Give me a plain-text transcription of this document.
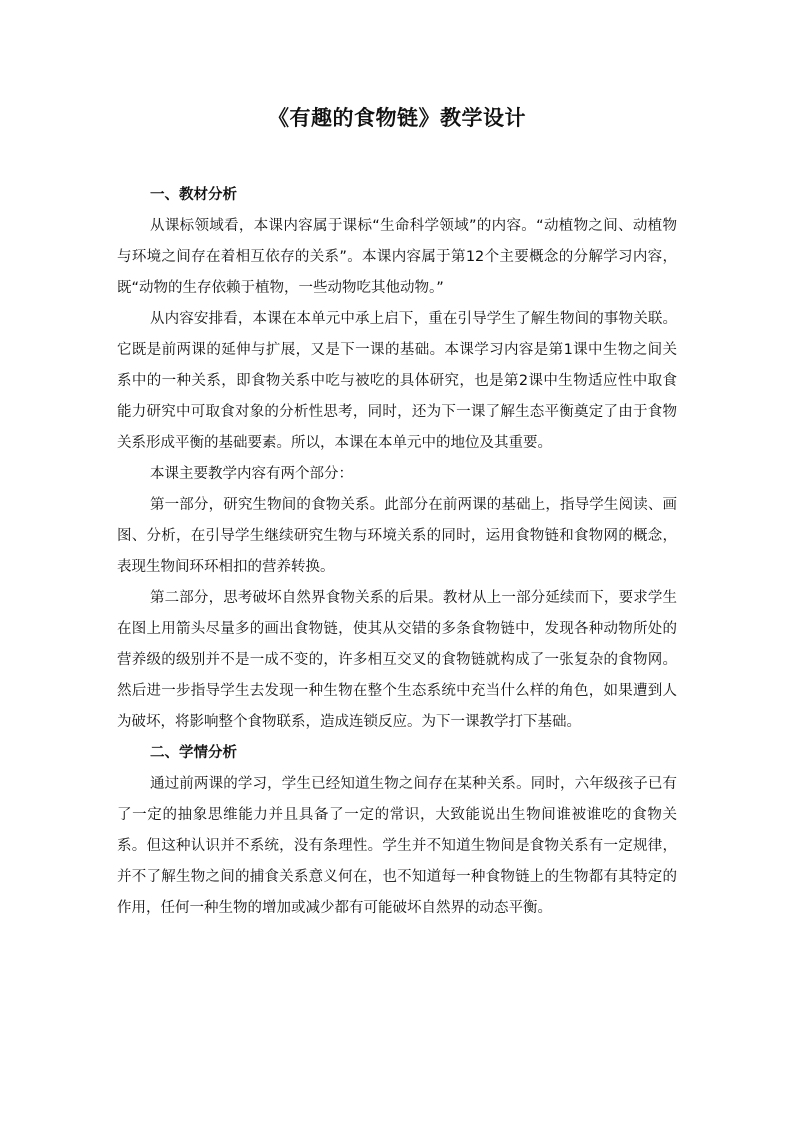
《有趣的食物链》教学设计

一、教材分析

从课标领域看，本课内容属于课标“生命科学领域”的内容。“动植物之间、动植物与环境之间存在着相互依存的关系”。本课内容属于第12个主要概念的分解学习内容，既“动物的生存依赖于植物，一些动物吃其他动物。”

从内容安排看，本课在本单元中承上启下，重在引导学生了解生物间的事物关联。它既是前两课的延伸与扩展，又是下一课的基础。本课学习内容是第1课中生物之间关系中的一种关系，即食物关系中吃与被吃的具体研究，也是第2课中生物适应性中取食能力研究中可取食对象的分析性思考，同时，还为下一课了解生态平衡奠定了由于食物关系形成平衡的基础要素。所以，本课在本单元中的地位及其重要。

本课主要教学内容有两个部分：

第一部分，研究生物间的食物关系。此部分在前两课的基础上，指导学生阅读、画图、分析，在引导学生继续研究生物与环境关系的同时，运用食物链和食物网的概念，表现生物间环环相扣的营养转换。

第二部分，思考破坏自然界食物关系的后果。教材从上一部分延续而下，要求学生在图上用箭头尽量多的画出食物链，使其从交错的多条食物链中，发现各种动物所处的营养级的级别并不是一成不变的，许多相互交叉的食物链就构成了一张复杂的食物网。然后进一步指导学生去发现一种生物在整个生态系统中充当什么样的角色，如果遭到人为破坏，将影响整个食物联系，造成连锁反应。为下一课教学打下基础。

二、学情分析

通过前两课的学习，学生已经知道生物之间存在某种关系。同时，六年级孩子已有了一定的抽象思维能力并且具备了一定的常识，大致能说出生物间谁被谁吃的食物关系。但这种认识并不系统，没有条理性。学生并不知道生物间是食物关系有一定规律，并不了解生物之间的捕食关系意义何在，也不知道每一种食物链上的生物都有其特定的作用，任何一种生物的增加或减少都有可能破坏自然界的动态平衡。
